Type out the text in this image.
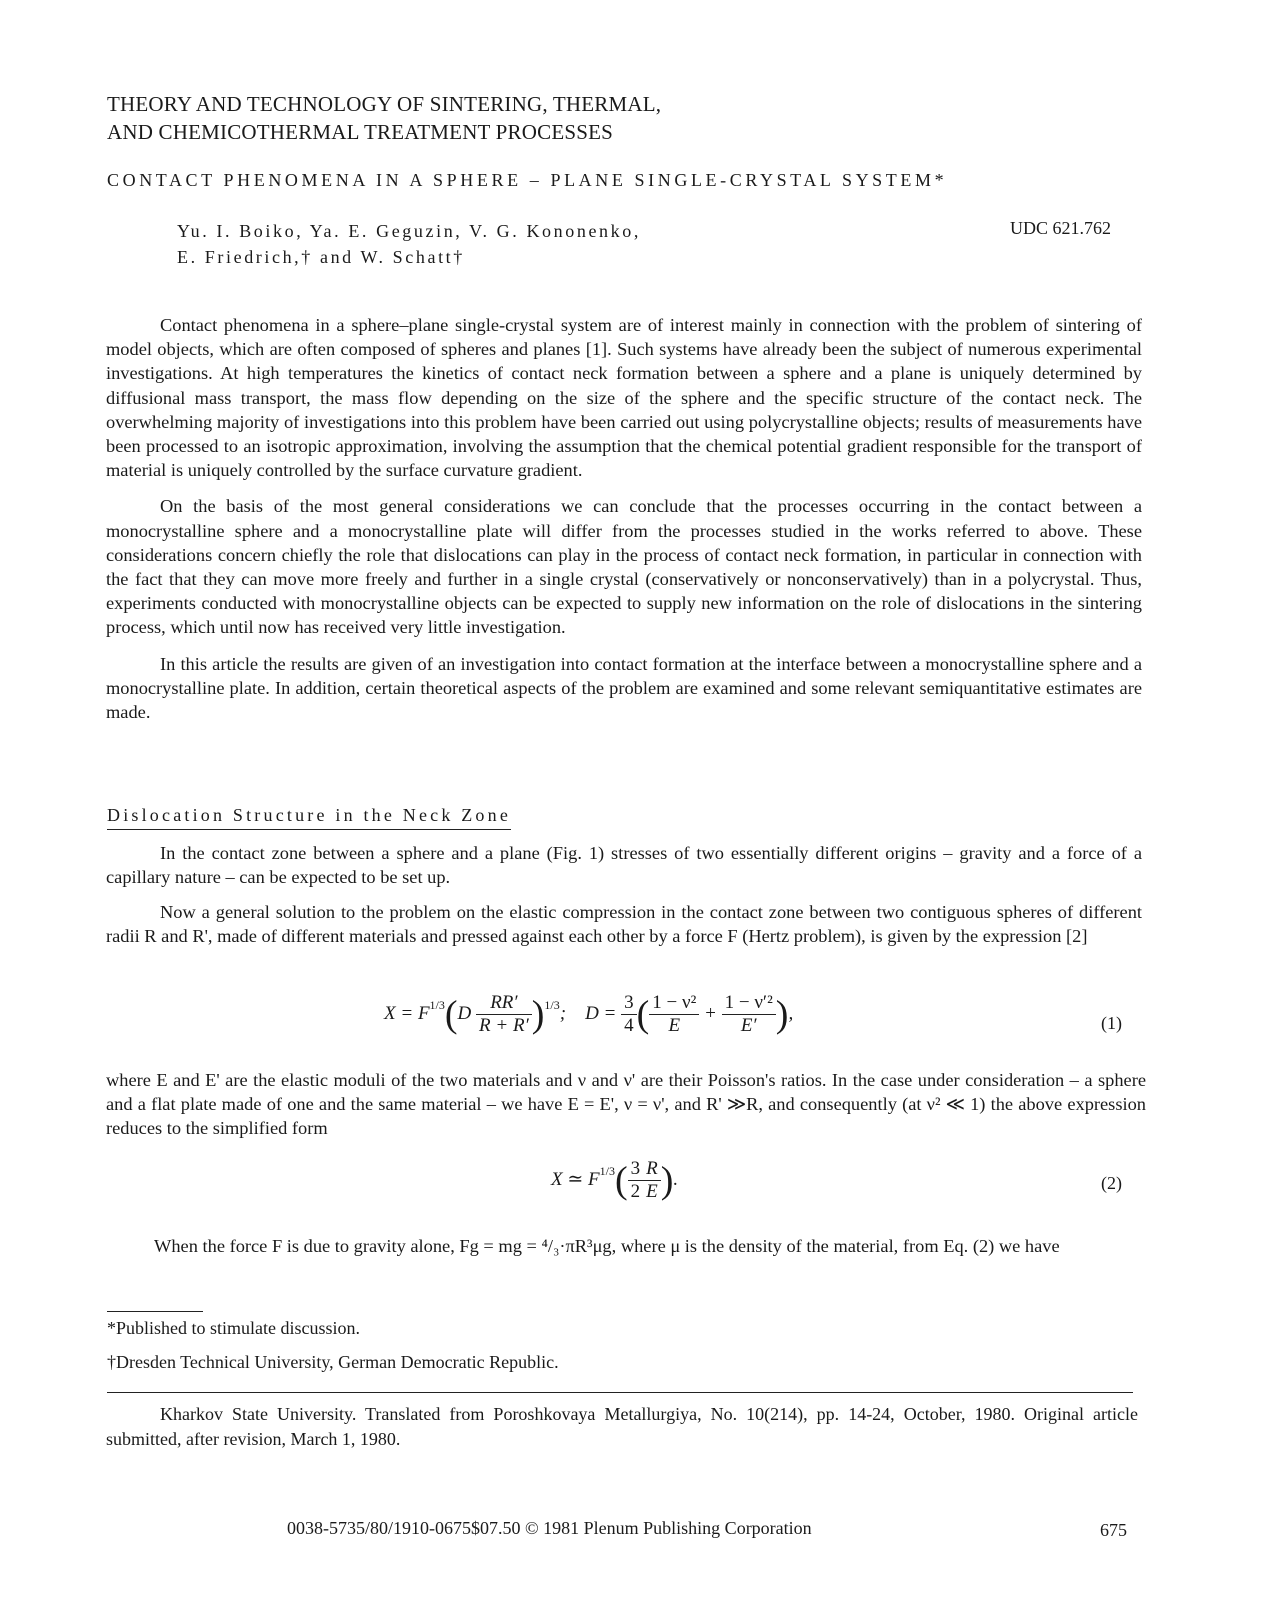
THEORY AND TECHNOLOGY OF SINTERING, THERMAL,
AND CHEMICOTHERMAL TREATMENT PROCESSES
CONTACT PHENOMENA IN A SPHERE – PLANE SINGLE-CRYSTAL SYSTEM*
Yu. I. Boiko, Ya. E. Geguzin, V. G. Kononenko,
E. Friedrich,† and W. Schatt†
UDC 621.762

Contact phenomena in a sphere–plane single-crystal system are of interest mainly in connection with the problem of sintering of model objects, which are often composed of spheres and planes [1]. Such systems have already been the subject of numerous experimental investigations. At high temperatures the kinetics of contact neck formation between a sphere and a plane is uniquely determined by diffusional mass transport, the mass flow depending on the size of the sphere and the specific structure of the contact neck. The overwhelming majority of investigations into this problem have been carried out using polycrystalline objects; results of measurements have been processed to an isotropic approximation, involving the assumption that the chemical potential gradient responsible for the transport of material is uniquely controlled by the surface curvature gradient.

On the basis of the most general considerations we can conclude that the processes occurring in the contact between a monocrystalline sphere and a monocrystalline plate will differ from the processes studied in the works referred to above. These considerations concern chiefly the role that dislocations can play in the process of contact neck formation, in particular in connection with the fact that they can move more freely and further in a single crystal (conservatively or nonconservatively) than in a polycrystal. Thus, experiments conducted with monocrystalline objects can be expected to supply new information on the role of dislocations in the sintering process, which until now has received very little investigation.

In this article the results are given of an investigation into contact formation at the interface between a monocrystalline sphere and a monocrystalline plate. In addition, certain theoretical aspects of the problem are examined and some relevant semiquantitative estimates are made.

Dislocation Structure in the Neck Zone

In the contact zone between a sphere and a plane (Fig. 1) stresses of two essentially different origins – gravity and a force of a capillary nature – can be expected to be set up.

Now a general solution to the problem on the elastic compression in the contact zone between two contiguous spheres of different radii R and R', made of different materials and pressed against each other by a force F (Hertz problem), is given by the expression [2]

$X = F^{1/3}(D \frac{RR'}{R + R'} )^{1/3}$;    $D = \frac{3}{4}$ ( $\frac{\text{1 − ν²}}{E} + \frac{\text{1 − ν′²}}{E'}$ ),	(1)

where E and E' are the elastic moduli of the two materials and ν and ν' are their Poisson's ratios. In the case under consideration – a sphere and a flat plate made of one and the same material – we have E = E', ν = ν', and R' ≫R, and consequently (at ν² ≪ 1) the above expression reduces to the simplified form

X ≃ $F^{1/3}( \frac{3}{2} \frac{R}{E}$ ).	(2)

When the force F is due to gravity alone, Fg = mg = ⁴/₃·πR³μg, where μ is the density of the material, from Eq. (2) we have

*Published to stimulate discussion.
†Dresden Technical University, German Democratic Republic.

Kharkov State University. Translated from Poroshkovaya Metallurgiya, No. 10(214), pp. 14-24, October, 1980. Original article submitted, after revision, March 1, 1980.

0038-5735/80/1910-0675$07.50 © 1981 Plenum Publishing Corporation	675
